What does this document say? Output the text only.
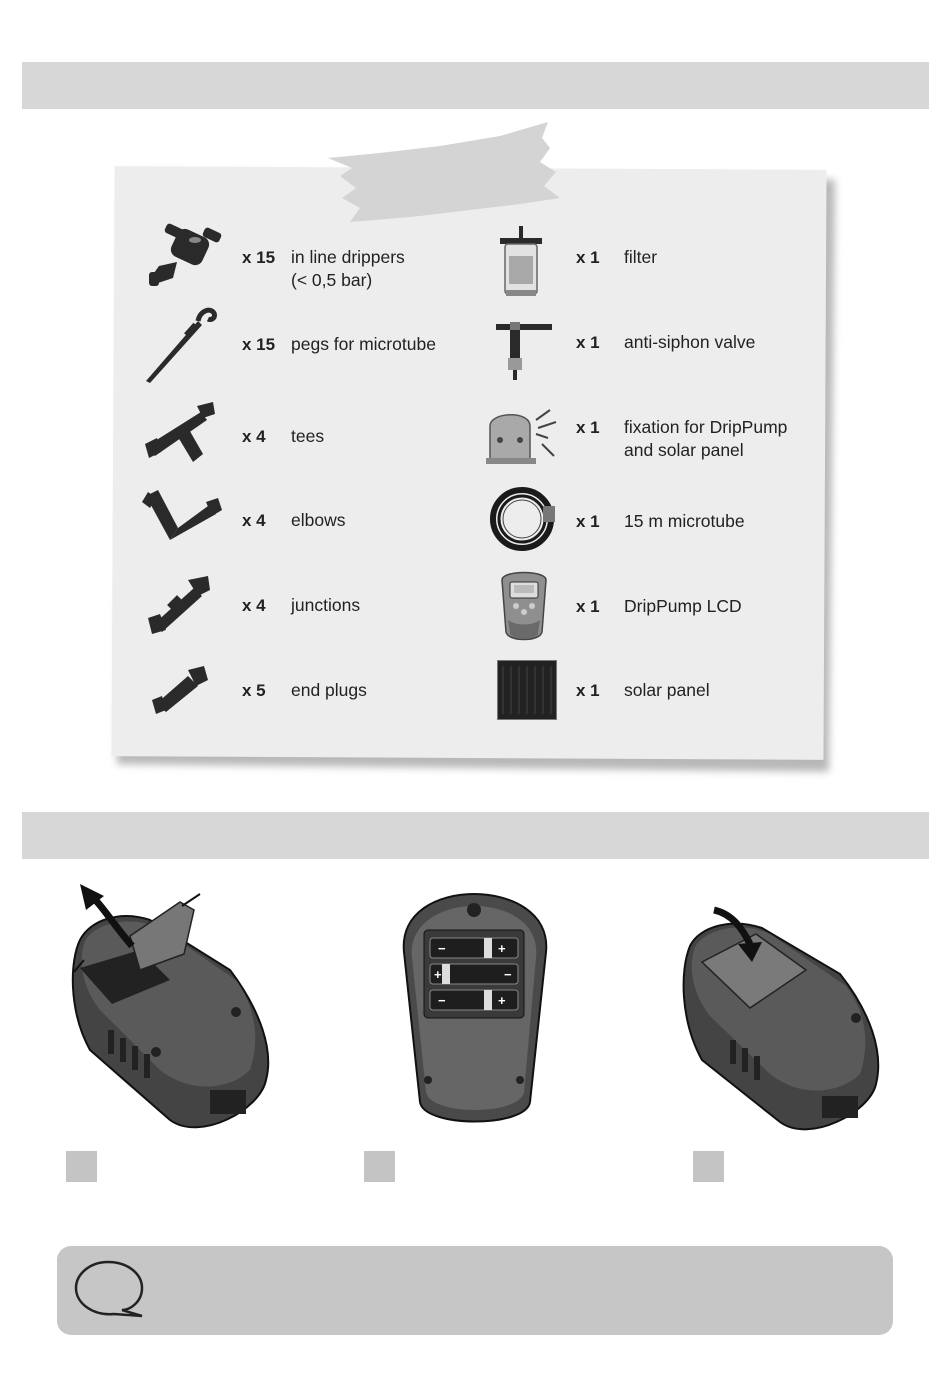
x 15 in line drippers
(< 0,5 bar)
x 15 pegs for microtube
x 4 tees
x 4 elbows
x 4 junctions
x 5 end plugs
x 1 filter
x 1 anti-siphon valve
x 1 fixation for DripPump
and solar panel
x 1 15 m microtube
x 1 DripPump LCD
x 1 solar panel
−	+
−
+
−	+
